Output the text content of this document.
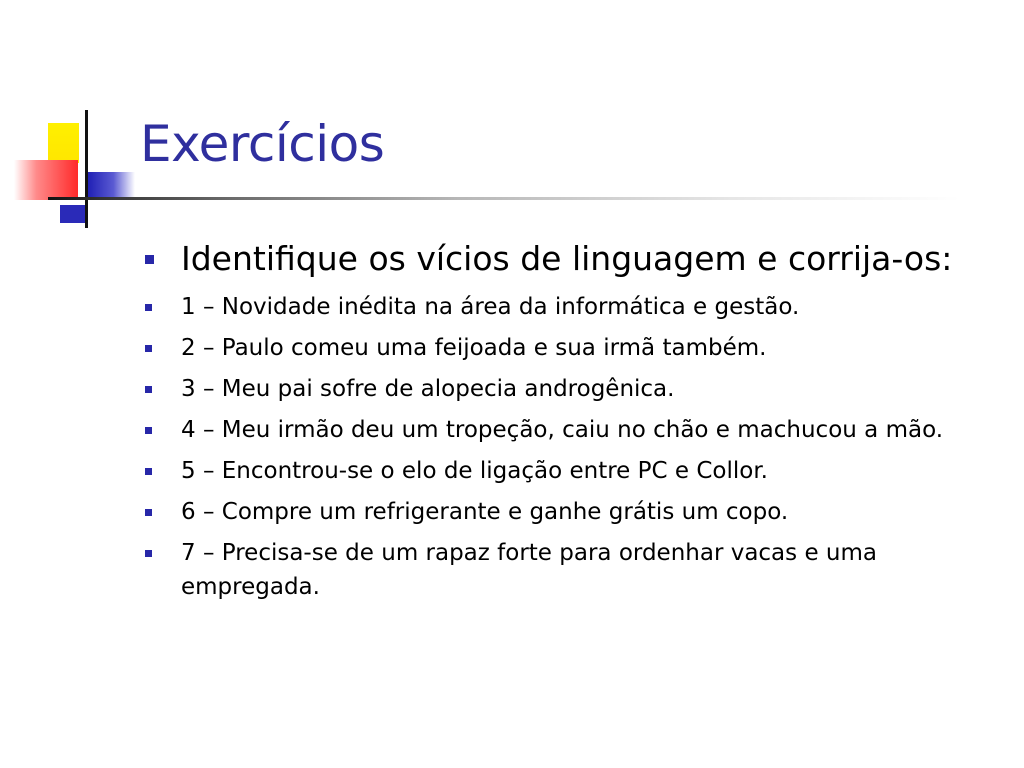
Exercícios
Identifique os vícios de linguagem e corrija-os:
1 – Novidade inédita na área da informática e gestão.
2 – Paulo comeu uma feijoada e sua irmã também.
3 – Meu pai sofre de alopecia androgênica.
4 – Meu irmão deu um tropeção, caiu no chão e machucou a mão.
5 – Encontrou-se o elo de ligação entre PC e Collor.
6 – Compre um refrigerante e ganhe grátis um copo.
7 – Precisa-se de um rapaz forte para ordenhar vacas e uma empregada.
